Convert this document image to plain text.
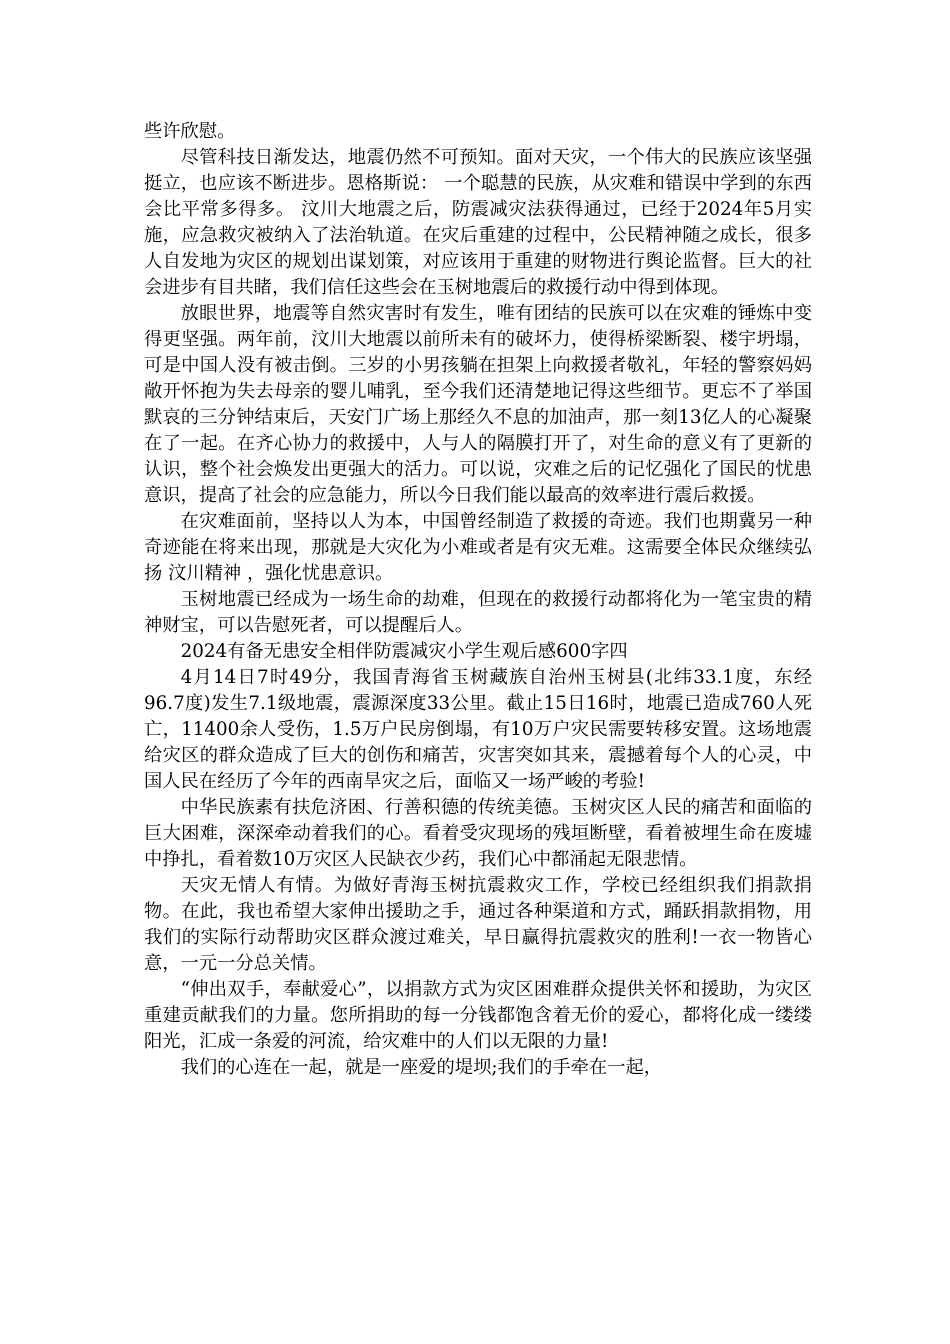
些许欣慰。

尽管科技日渐发达，地震仍然不可预知。面对天灾，一个伟大的民族应该坚强挺立，也应该不断进步。恩格斯说： 一个聪慧的民族，从灾难和错误中学到的东西会比平常多得多。 汶川大地震之后，防震减灾法获得通过，已经于2024年5月实施，应急救灾被纳入了法治轨道。在灾后重建的过程中，公民精神随之成长，很多人自发地为灾区的规划出谋划策，对应该用于重建的财物进行舆论监督。巨大的社会进步有目共睹，我们信任这些会在玉树地震后的救援行动中得到体现。

放眼世界，地震等自然灾害时有发生，唯有团结的民族可以在灾难的锤炼中变得更坚强。两年前，汶川大地震以前所未有的破坏力，使得桥梁断裂、楼宇坍塌，可是中国人没有被击倒。三岁的小男孩躺在担架上向救援者敬礼，年轻的警察妈妈敞开怀抱为失去母亲的婴儿哺乳，至今我们还清楚地记得这些细节。更忘不了举国默哀的三分钟结束后，天安门广场上那经久不息的加油声，那一刻13亿人的心凝聚在了一起。在齐心协力的救援中，人与人的隔膜打开了，对生命的意义有了更新的认识，整个社会焕发出更强大的活力。可以说，灾难之后的记忆强化了国民的忧患意识，提高了社会的应急能力，所以今日我们能以最高的效率进行震后救援。

在灾难面前，坚持以人为本，中国曾经制造了救援的奇迹。我们也期冀另一种奇迹能在将来出现，那就是大灾化为小难或者是有灾无难。这需要全体民众继续弘扬 汶川精神 ，强化忧患意识。

玉树地震已经成为一场生命的劫难，但现在的救援行动都将化为一笔宝贵的精神财宝，可以告慰死者，可以提醒后人。

2024有备无患安全相伴防震减灾小学生观后感600字四

4月14日7时49分，我国青海省玉树藏族自治州玉树县(北纬33.1度，东经96.7度)发生7.1级地震，震源深度33公里。截止15日16时，地震已造成760人死亡，11400余人受伤，1.5万户民房倒塌，有10万户灾民需要转移安置。这场地震给灾区的群众造成了巨大的创伤和痛苦，灾害突如其来，震撼着每个人的心灵，中国人民在经历了今年的西南旱灾之后，面临又一场严峻的考验!

中华民族素有扶危济困、行善积德的传统美德。玉树灾区人民的痛苦和面临的巨大困难，深深牵动着我们的心。看着受灾现场的残垣断壁，看着被埋生命在废墟中挣扎，看着数10万灾区人民缺衣少药，我们心中都涌起无限悲情。

天灾无情人有情。为做好青海玉树抗震救灾工作，学校已经组织我们捐款捐物。在此，我也希望大家伸出援助之手，通过各种渠道和方式，踊跃捐款捐物，用我们的实际行动帮助灾区群众渡过难关，早日赢得抗震救灾的胜利!一衣一物皆心意，一元一分总关情。

“伸出双手，奉献爱心”，以捐款方式为灾区困难群众提供关怀和援助，为灾区重建贡献我们的力量。您所捐助的每一分钱都饱含着无价的爱心，都将化成一缕缕阳光，汇成一条爱的河流，给灾难中的人们以无限的力量!

我们的心连在一起，就是一座爱的堤坝;我们的手牵在一起，
